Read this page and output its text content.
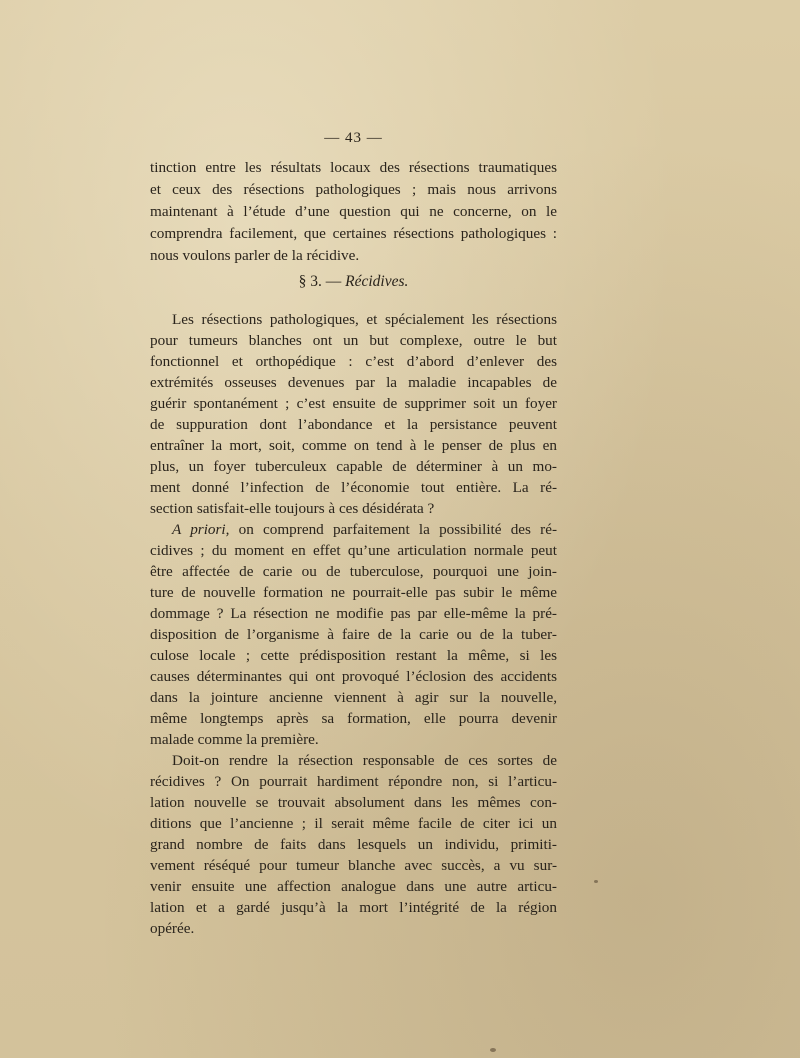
— 43 —
tinction entre les résultats locaux des résections traumatiques
et ceux des résections pathologiques ; mais nous arrivons
maintenant à l’étude d’une question qui ne concerne, on le
comprendra facilement, que certaines résections pathologiques :
nous voulons parler de la récidive.
§ 3. — Récidives.
Les résections pathologiques, et spécialement les résections
pour tumeurs blanches ont un but complexe, outre le but
fonctionnel et orthopédique : c’est d’abord d’enlever des
extrémités osseuses devenues par la maladie incapables de
guérir spontanément ; c’est ensuite de supprimer soit un foyer
de suppuration dont l’abondance et la persistance peuvent
entraîner la mort, soit, comme on tend à le penser de plus en
plus, un foyer tuberculeux capable de déterminer à un mo-
ment donné l’infection de l’économie tout entière. La ré-
section satisfait-elle toujours à ces désidérata ?
A priori, on comprend parfaitement la possibilité des ré-
cidives ; du moment en effet qu’une articulation normale peut
être affectée de carie ou de tuberculose, pourquoi une join-
ture de nouvelle formation ne pourrait-elle pas subir le même
dommage ? La résection ne modifie pas par elle-même la pré-
disposition de l’organisme à faire de la carie ou de la tuber-
culose locale ; cette prédisposition restant la même, si les
causes déterminantes qui ont provoqué l’éclosion des accidents
dans la jointure ancienne viennent à agir sur la nouvelle,
même longtemps après sa formation, elle pourra devenir
malade comme la première.
Doit-on rendre la résection responsable de ces sortes de
récidives ? On pourrait hardiment répondre non, si l’articu-
lation nouvelle se trouvait absolument dans les mêmes con-
ditions que l’ancienne ; il serait même facile de citer ici un
grand nombre de faits dans lesquels un individu, primiti-
vement réséqué pour tumeur blanche avec succès, a vu sur-
venir ensuite une affection analogue dans une autre articu-
lation et a gardé jusqu’à la mort l’intégrité de la région
opérée.
